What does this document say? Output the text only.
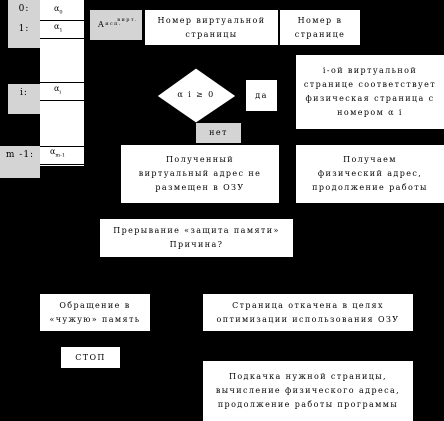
$\alpha_0$
$\alpha_1$
$\alpha_i$
$\alpha_{m-1}$
0:
1:
i:
m -1:
A исп.
вирт.	Номер виртуальной
страницы
Номер в
странице
α i ≥ 0	да
нет
i-ой виртуальной
странице соответствует
физическая страница с
номером α i
Полученный
виртуальный адрес не
размещен в ОЗУ
Получаем
физический адрес,
продолжение работы
Прерывание «защита памяти»
Причина?
Обращение в
«чужую» память
Страница откачена в целях
оптимизации использования ОЗУ
СТОП
Подкачка нужной страницы,
вычисление физического адреса,
продолжение работы программы
